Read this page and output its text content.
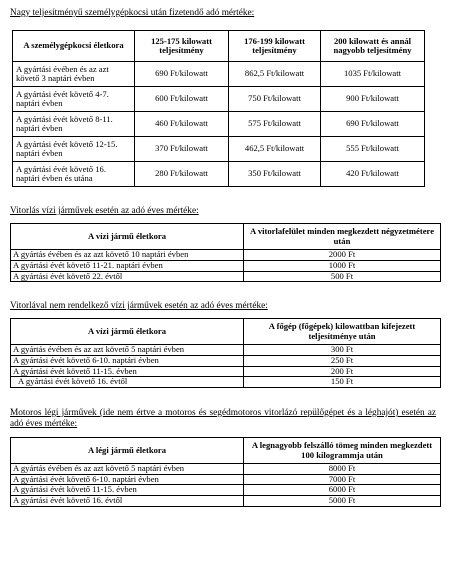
Nagy teljesítményű személygépkocsi után fizetendő adó mértéke:

A személygépkocsi életkora	125-175 kilowatt teljesítmény	176-199 kilowatt teljesítmény	200 kilowatt és annál nagyobb teljesítmény
A gyártási évében és az azt követő 3 naptári évben	690 Ft/kilowatt	862,5 Ft/kilowatt	1035 Ft/kilowatt
A gyártási évét követő 4-7. naptári évben	600 Ft/kilowatt	750 Ft/kilowatt	900 Ft/kilowatt
A gyártási évét követő 8-11. naptári évben	460 Ft/kilowatt	575 Ft/kilowatt	690 Ft/kilowatt
A gyártási évét követő 12-15. naptári évben	370 Ft/kilowatt	462,5 Ft/kilowatt	555 Ft/kilowatt
A gyártási évét követő 16. naptári évben és utána	280 Ft/kilowatt	350 Ft/kilowatt	420 Ft/kilowatt

Vitorlás vízi járművek esetén az adó éves mértéke:

A vízi jármű életkora	A vitorlafelület minden megkezdett négyzetmétere után
A gyártás évében és az azt követő 10 naptári évben	2000 Ft
A gyártási évét követő 11-21. naptári évben	1000 Ft
A gyártási évét követő 22. évtől	500 Ft

Vitorlával nem rendelkező vízi járművek esetén az adó éves mértéke:

A vízi jármű életkora	A főgép (főgépek) kilowattban kifejezett teljesítménye után
A gyártás évében és az azt követő 5 naptári évben	300 Ft
A gyártási évét követő 6-10. naptári évben	250 Ft
A gyártási évét követő 11-15. évben	200 Ft
A gyártási évét követő 16. évtől	150 Ft

Motoros légi járművek (ide nem értve a motoros és segédmotoros vitorlázó repülőgépet és a léghajót) esetén az adó éves mértéke:

A légi jármű életkora	A legnagyobb felszálló tömeg minden megkezdett 100 kilogrammja után
A gyártás évében és az azt követő 5 naptári évben	8000 Ft
A gyártási évét követő 6-10. naptári évben	7000 Ft
A gyártási évét követő 11-15. évben	6000 Ft
A gyártási évét követő 16. évtől	5000 Ft
